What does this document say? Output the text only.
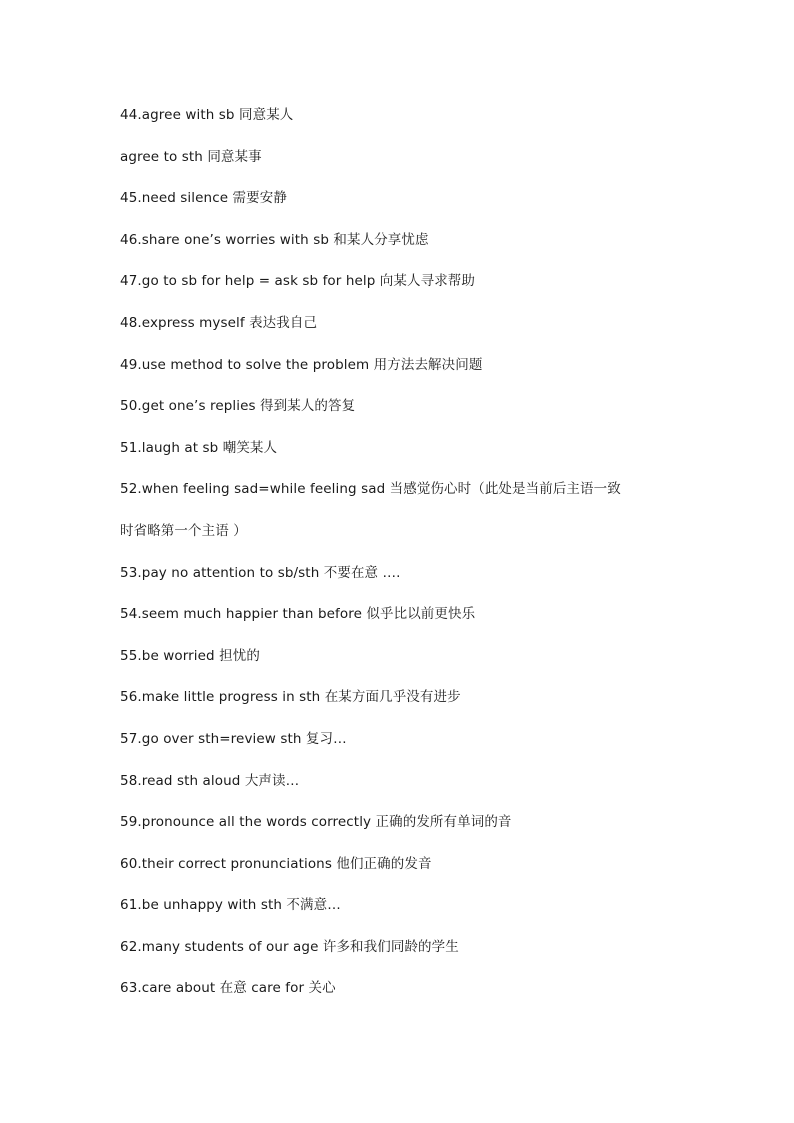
44.agree with sb 同意某人
agree to sth 同意某事
45.need silence 需要安静
46.share one’s worries with sb 和某人分享忧虑
47.go to sb for help = ask sb for help 向某人寻求帮助
48.express myself 表达我自己
49.use method to solve the problem 用方法去解决问题
50.get one’s replies 得到某人的答复
51.laugh at sb 嘲笑某人
52.when feeling sad=while feeling sad 当感觉伤心时（此处是当前后主语一致
时省略第一个主语 ）
53.pay no attention to sb/sth 不要在意 ….
54.seem much happier than before 似乎比以前更快乐
55.be worried 担忧的
56.make little progress in sth 在某方面几乎没有进步
57.go over sth=review sth 复习…
58.read sth aloud 大声读…
59.pronounce all the words correctly 正确的发所有单词的音
60.their correct pronunciations 他们正确的发音
61.be unhappy with sth 不满意…
62.many students of our age 许多和我们同龄的学生
63.care about 在意 care for 关心
